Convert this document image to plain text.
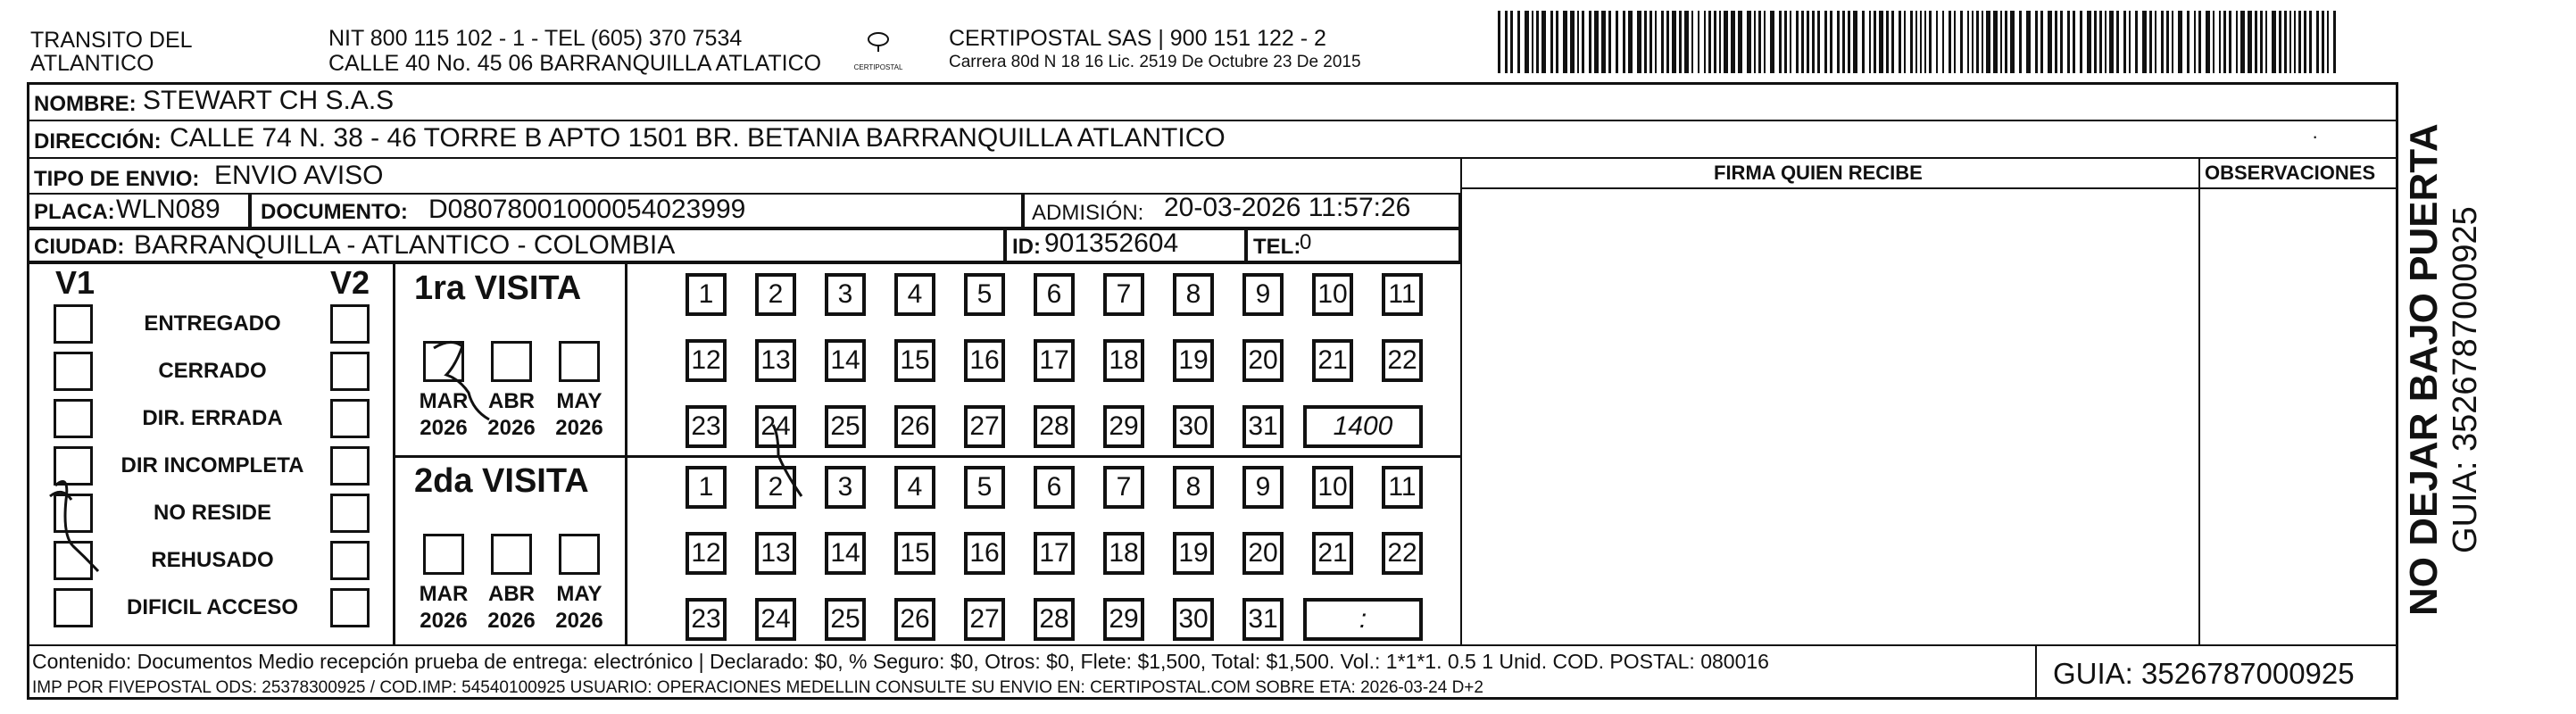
TRANSITO DEL
ATLANTICO
NIT 800 115 102 - 1 - TEL (605) 370 7534
CALLE 40 No. 45 06 BARRANQUILLA ATLATICO	CERTIPOSTAL
CERTIPOSTAL SAS | 900 151 122 - 2
Carrera 80d N 18 16 Lic. 2519 De Octubre 23 De 2015
NOMBRE: STEWART CH S.A.S
DIRECCIÓN: CALLE 74 N. 38 - 46 TORRE B APTO 1501 BR. BETANIA BARRANQUILLA ATLANTICO	·
TIPO DE ENVIO: ENVIO AVISO	FIRMA QUIEN RECIBE	OBSERVACIONES
PLACA: WLN089 DOCUMENTO: D08078001000054023999	ADMISIÓN: 20-03-2026 11:57:26
CIUDAD: BARRANQUILLA - ATLANTICO - COLOMBIA	ID: 901352604	TEL:
0
V1	V2
ENTREGADO
CERRADO
DIR. ERRADA
DIR INCOMPLETA
NO RESIDE
REHUSADO
DIFICIL ACCESO
1ra VISITA
MAR
2026
ABR
2026
MAY
2026
1	2	3	4	5	6	7	8	9	10 11
12 13 14 15 16 17 18 19 20 21 22
23 24 25 26 27 28 29 30 31	1400
2da VISITA
MAR
2026
ABR
2026
MAY
2026
1	2	3	4	5	6	7	8	9	10 11
12 13 14 15 16 17 18 19 20 21 22
23 24 25 26 27 28 29 30 31	:
Contenido: Documentos Medio recepción prueba de entrega: electrónico | Declarado: $0, % Seguro: $0, Otros: $0, Flete: $1,500, Total: $1,500. Vol.: 1*1*1. 0.5 1 Unid. COD. POSTAL: 080016
IMP POR FIVEPOSTAL ODS: 25378300925 / COD.IMP: 54540100925 USUARIO: OPERACIONES MEDELLIN CONSULTE SU ENVIO EN: CERTIPOSTAL.COM SOBRE ETA: 2026-03-24 D+2	GUIA: 3526787000925
NO DEJAR BAJO PUERTA GUIA: 3526787000925
